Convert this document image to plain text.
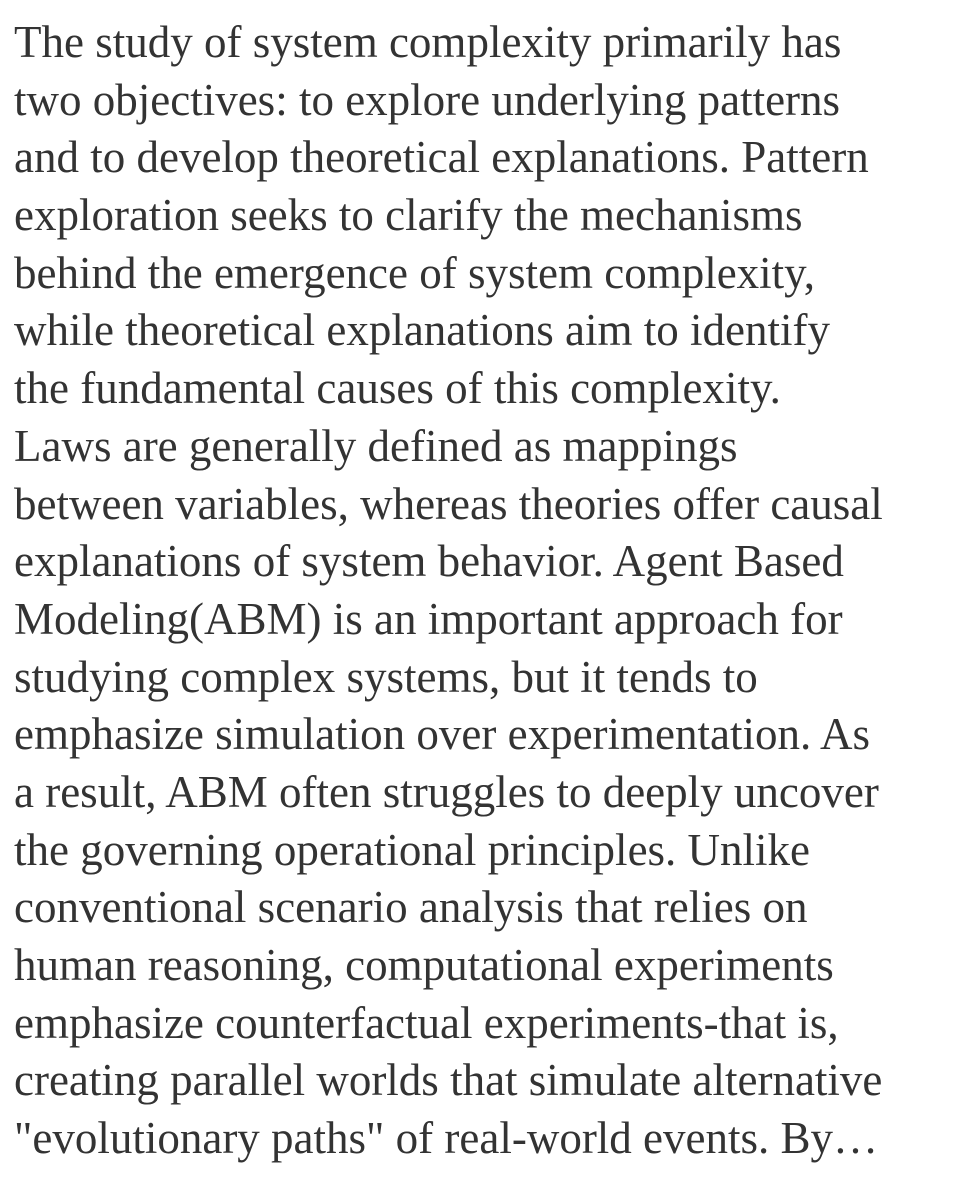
The study of system complexity primarily has
two objectives: to explore underlying patterns
and to develop theoretical explanations. Pattern
exploration seeks to clarify the mechanisms
behind the emergence of system complexity,
while theoretical explanations aim to identify
the fundamental causes of this complexity.
Laws are generally defined as mappings
between variables, whereas theories offer causal
explanations of system behavior. Agent Based
Modeling(ABM) is an important approach for
studying complex systems, but it tends to
emphasize simulation over experimentation. As
a result, ABM often struggles to deeply uncover
the governing operational principles. Unlike
conventional scenario analysis that relies on
human reasoning, computational experiments
emphasize counterfactual experiments-that is,
creating parallel worlds that simulate alternative
"evolutionary paths" of real-world events. By…
